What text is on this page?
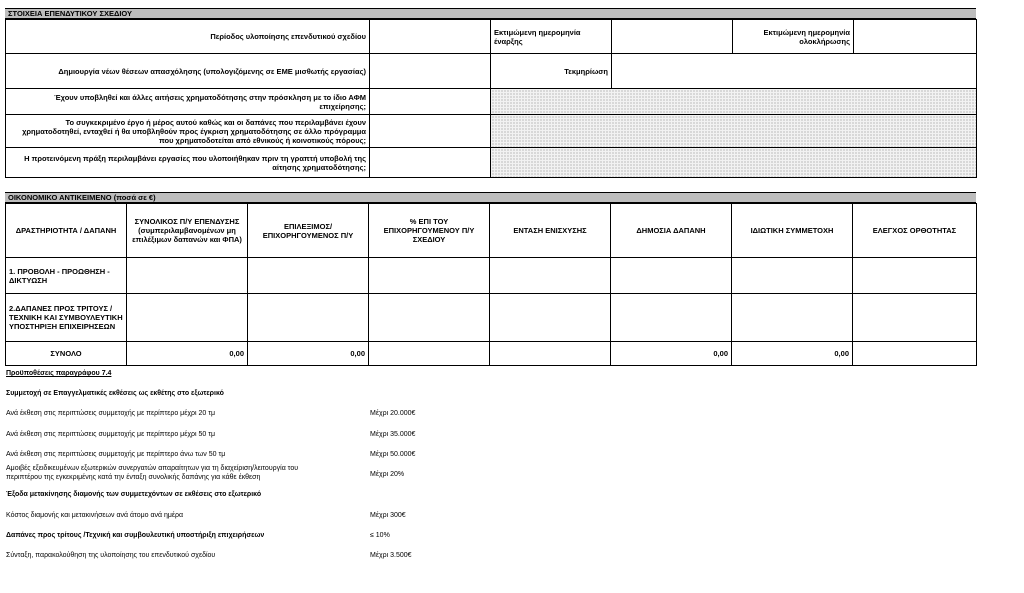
ΣΤΟΙΧΕΙΑ ΕΠΕΝΔΥΤΙΚΟΥ ΣΧΕΔΙΟΥ
Περίοδος υλοποίησης επενδυτικού σχεδίου		Εκτιμώμενη ημερομηνία έναρξης		Εκτιμώμενη ημερομηνία ολοκλήρωσης	
Δημιουργία νέων θέσεων απασχόλησης (υπολογιζόμενης σε ΕΜΕ μισθωτής εργασίας)		Τεκμηρίωση			
Έχουν υποβληθεί και άλλες αιτήσεις χρηματοδότησης στην πρόσκληση με το ίδιο ΑΦΜ επιχείρησης;					
Το συγκεκριμένο έργο ή μέρος αυτού καθώς και οι δαπάνες που περιλαμβάνει έχουν χρηματοδοτηθεί, ενταχθεί ή θα υποβληθούν προς έγκριση χρηματοδότησης σε άλλο πρόγραμμα που χρηματοδοτείται από εθνικούς ή κοινοτικούς πόρους;					
Η προτεινόμενη πράξη περιλαμβάνει εργασίες που υλοποιήθηκαν πριν τη γραπτή υποβολή της αίτησης χρηματοδότησης;					
ΟΙΚΟΝΟΜΙΚΟ ΑΝΤΙΚΕΙΜΕΝΟ (ποσά σε €)
ΔΡΑΣΤΗΡΙΟΤΗΤΑ / ΔΑΠΑΝΗ	ΣΥΝΟΛΙΚΟΣ Π/Υ ΕΠΕΝΔΥΣΗΣ (συμπεριλαμβανομένων μη επιλέξιμων δαπανών και ΦΠΑ)	ΕΠΙΛΕΞΙΜΟΣ/ ΕΠΙΧΟΡΗΓΟΥΜΕΝΟΣ Π/Υ	% ΕΠΙ ΤΟΥ ΕΠΙΧΟΡΗΓΟΥΜΕΝΟΥ Π/Υ ΣΧΕΔΙΟΥ	ΕΝΤΑΣΗ ΕΝΙΣΧΥΣΗΣ	ΔΗΜΟΣΙΑ ΔΑΠΑΝΗ	ΙΔΙΩΤΙΚΗ ΣΥΜΜΕΤΟΧΗ	ΕΛΕΓΧΟΣ ΟΡΘΟΤΗΤΑΣ
1. ΠΡΟΒΟΛΗ - ΠΡΟΩΘΗΣΗ - ΔΙΚΤΥΩΣΗ							
2.ΔΑΠΑΝΕΣ ΠΡΟΣ ΤΡΙΤΟΥΣ /ΤΕΧΝΙΚΗ ΚΑΙ ΣΥΜΒΟΥΛΕΥΤΙΚΗ ΥΠΟΣΤΗΡΙΞΗ ΕΠΙΧΕΙΡΗΣΕΩΝ							
ΣΥΝΟΛΟ	0,00	0,00			0,00	0,00	
Προϋποθέσεις παραγράφου 7.4
Συμμετοχή σε Επαγγελματικές εκθέσεις ως εκθέτης στο εξωτερικό
Ανά έκθεση στις περιπτώσεις συμμετοχής με περίπτερο μέχρι 20 τμ	Μέχρι 20.000€
Ανά έκθεση στις περιπτώσεις συμμετοχής με περίπτερο μέχρι 50 τμ	Μέχρι 35.000€
Ανά έκθεση στις περιπτώσεις συμμετοχής με περίπτερο άνω των 50 τμ	Μέχρι 50.000€
Αμοιβές εξειδικευμένων εξωτερικών συνεργατών απαραίτητων για τη διαχείριση/λειτουργία του
περιπτέρου της εγκεκριμένης κατά την ένταξη συνολικής δαπάνης για κάθε έκθεση	Μέχρι 20%
Έξοδα μετακίνησης διαμονής των συμμετεχόντων σε εκθέσεις στο εξωτερικό
Κόστος διαμονής και μετακινήσεων ανά άτομο ανά ημέρα	Μέχρι 300€
Δαπάνες προς τρίτους /Τεχνική και συμβουλευτική υποστήριξη επιχειρήσεων	≤ 10%
Σύνταξη, παρακολούθηση της υλοποίησης του επενδυτικού σχεδίου	Μέχρι 3.500€
